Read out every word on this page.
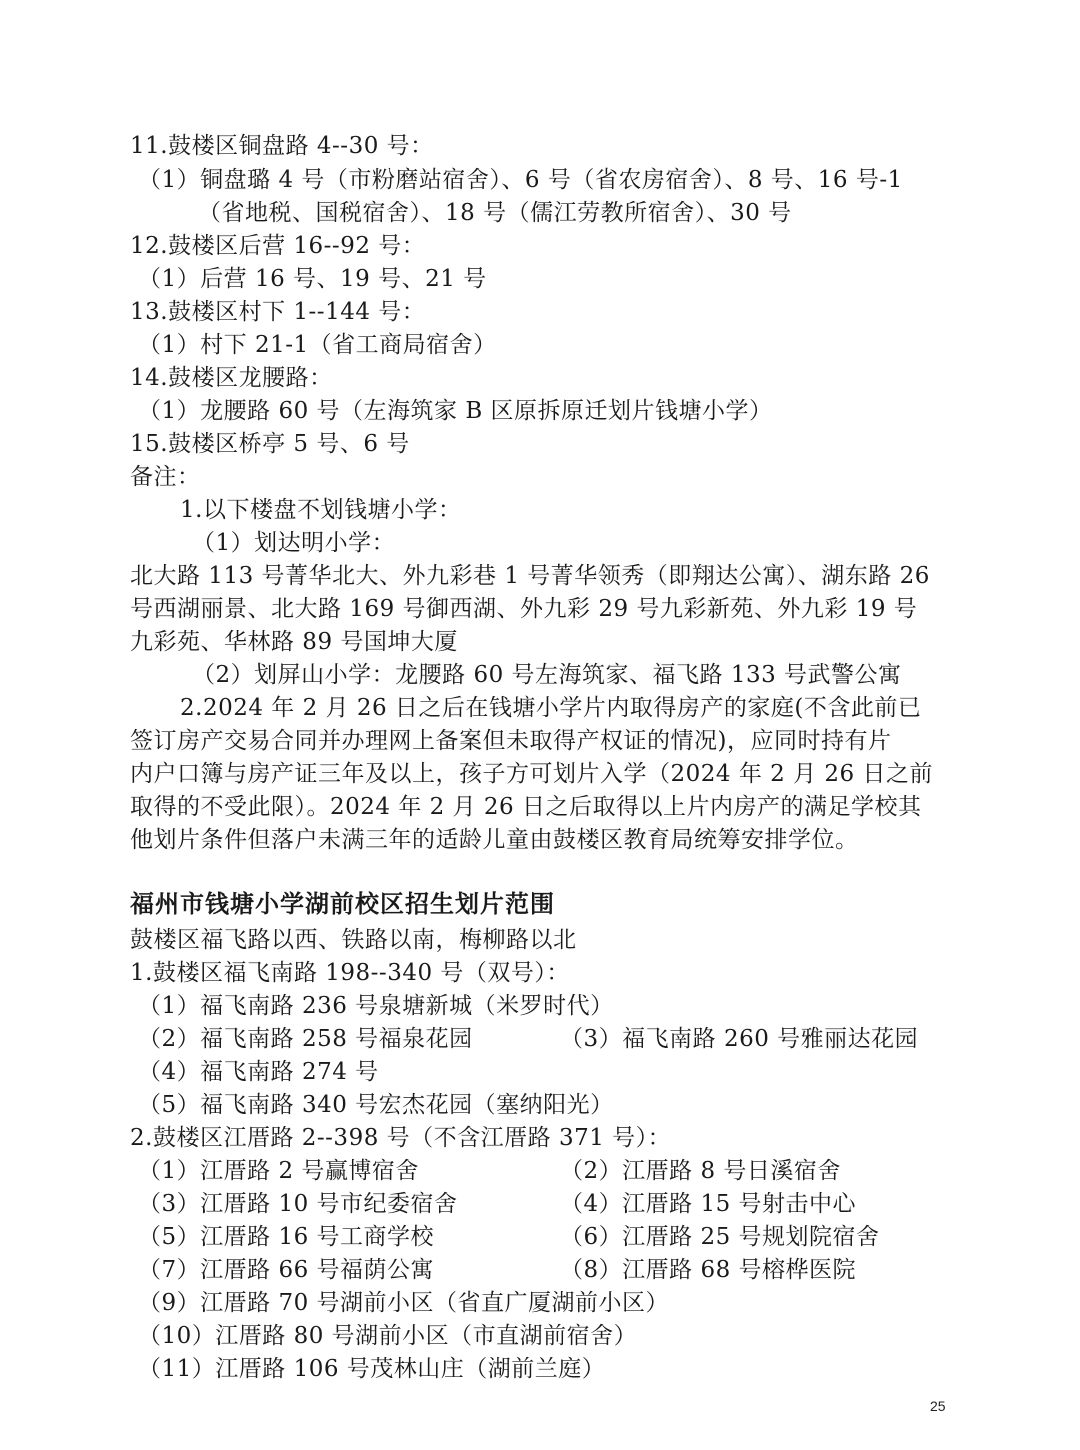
11.鼓楼区铜盘路 4--30 号：
（1）铜盘璐 4 号（市粉磨站宿舍）、6 号（省农房宿舍）、8 号、16 号-1
（省地税、国税宿舍）、18 号（儒江劳教所宿舍）、30 号
12.鼓楼区后营 16--92 号：
（1）后营 16 号、19 号、21 号
13.鼓楼区村下 1--144 号：
（1）村下 21-1（省工商局宿舍）
14.鼓楼区龙腰路：
（1）龙腰路 60 号（左海筑家 B 区原拆原迁划片钱塘小学）
15.鼓楼区桥亭 5 号、6 号
备注：
1.以下楼盘不划钱塘小学：
（1）划达明小学：
北大路 113 号菁华北大、外九彩巷 1 号菁华领秀（即翔达公寓）、湖东路 26
号西湖丽景、北大路 169 号御西湖、外九彩 29 号九彩新苑、外九彩 19 号
九彩苑、华林路 89 号国坤大厦
（2）划屏山小学：龙腰路 60 号左海筑家、福飞路 133 号武警公寓
2.2024 年 2 月 26 日之后在钱塘小学片内取得房产的家庭(不含此前已
签订房产交易合同并办理网上备案但未取得产权证的情况)，应同时持有片
内户口簿与房产证三年及以上，孩子方可划片入学（2024 年 2 月 26 日之前
取得的不受此限）。2024 年 2 月 26 日之后取得以上片内房产的满足学校其
他划片条件但落户未满三年的适龄儿童由鼓楼区教育局统筹安排学位。
福州市钱塘小学湖前校区招生划片范围
鼓楼区福飞路以西、铁路以南，梅柳路以北
1.鼓楼区福飞南路 198--340 号（双号）：
（1）福飞南路 236 号泉塘新城（米罗时代）
（2）福飞南路 258 号福泉花园	（3）福飞南路 260 号雅丽达花园
（4）福飞南路 274 号
（5）福飞南路 340 号宏杰花园（塞纳阳光）
2.鼓楼区江厝路 2--398 号（不含江厝路 371 号）：
（1）江厝路 2 号赢博宿舍	（2）江厝路 8 号日溪宿舍
（3）江厝路 10 号市纪委宿舍	（4）江厝路 15 号射击中心
（5）江厝路 16 号工商学校	（6）江厝路 25 号规划院宿舍
（7）江厝路 66 号福荫公寓	（8）江厝路 68 号榕桦医院
（9）江厝路 70 号湖前小区（省直广厦湖前小区）
（10）江厝路 80 号湖前小区（市直湖前宿舍）
（11）江厝路 106 号茂林山庄（湖前兰庭）
25
